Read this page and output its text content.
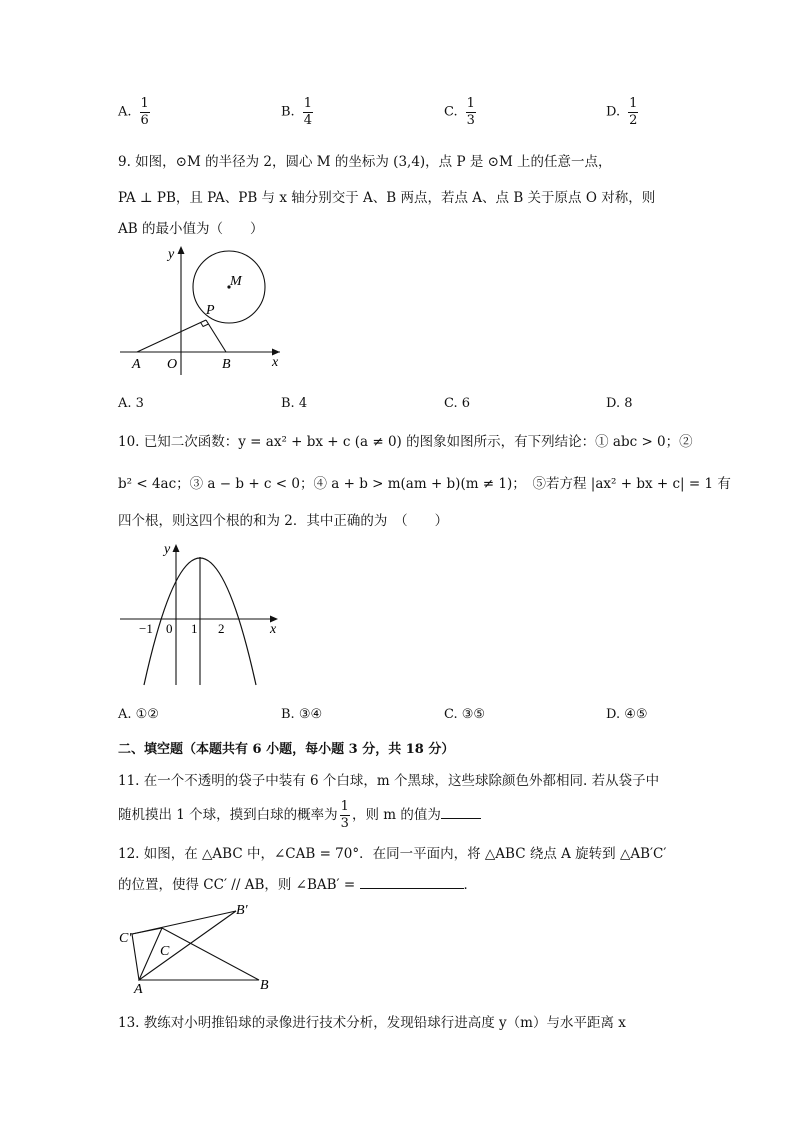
A. $\frac{1}{6}$	B. $\frac{1}{4}$	C. $\frac{1}{3}$	D. $\frac{1}{2}$
9. 如图，⊙M 的半径为 2，圆心 M 的坐标为 (3,4)，点 P 是 ⊙M 上的任意一点，
PA ⊥ PB，且 PA、PB 与 x 轴分别交于 A、B 两点，若点 A、点 B 关于原点 O 对称，则
AB 的最小值为（　　）
y
M
P
A O	B	x
A. 3	B. 4	C. 6	D. 8
10. 已知二次函数：y = ax² + bx + c (a ≠ 0) 的图象如图所示，有下列结论：① abc > 0；②
b² < 4ac；③ a − b + c < 0；④ a + b > m(am + b)(m ≠ 1)；　⑤若方程 |ax² + bx + c| = 1 有
四个根，则这四个根的和为 2．其中正确的为　（　　）
y
x
−1 0 1 2
A. ①②	B. ③④	C. ③⑤	D. ④⑤
二、填空题（本题共有 6 小题，每小题 3 分，共 18 分）
11. 在一个不透明的袋子中装有 6 个白球，m 个黑球，这些球除颜色外都相同. 若从袋子中
随机摸出 1 个球，摸到白球的概率为 $\frac{1}{3}$ ，则 m 的值为
12. 如图，在 △ABC 中，∠CAB = 70°．在同一平面内，将 △ABC 绕点 A 旋转到 △AB′C′
的位置，使得 CC′ // AB，则 ∠BAB′ =	．
C′
B′
C
A	B
13. 教练对小明推铅球的录像进行技术分析，发现铅球行进高度 y（m）与水平距离 x
